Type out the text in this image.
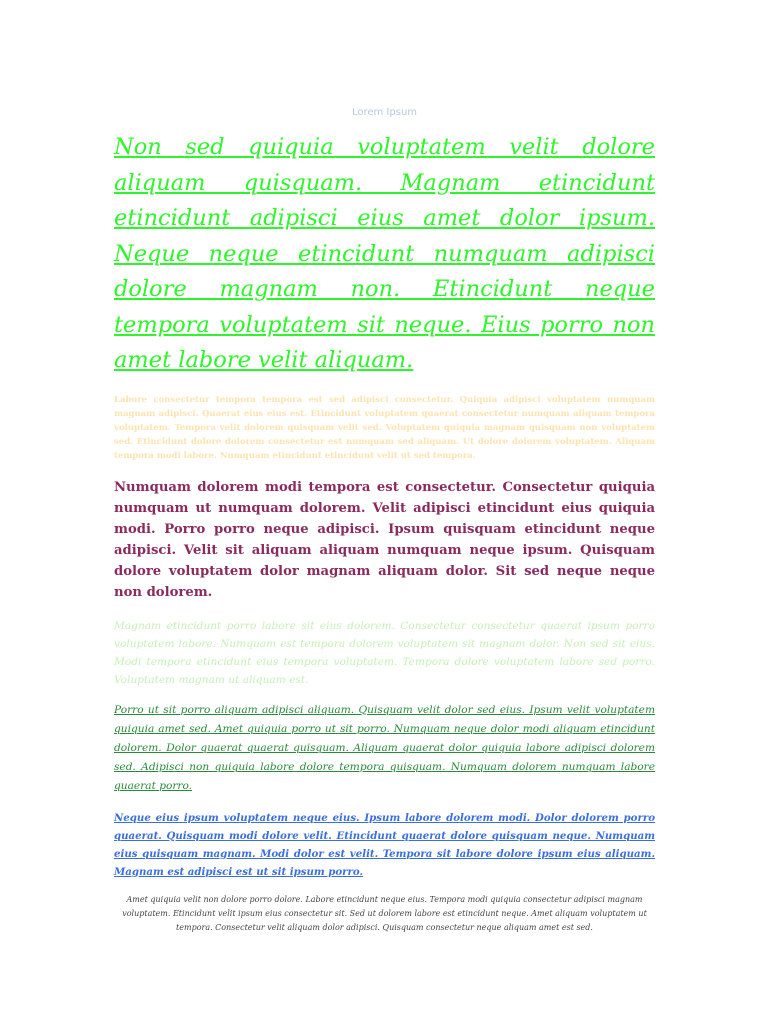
Lorem Ipsum

Non sed quiquia voluptatem velit dolore aliquam quisquam. Magnam etincidunt etincidunt adipisci eius amet dolor ipsum. Neque neque etincidunt numquam adipisci dolore magnam non. Etincidunt neque tempora voluptatem sit neque. Eius porro non amet labore velit aliquam.

Labore consectetur tempora tempora est sed adipisci consectetur. Quiquia adipisci voluptatem numquam magnam adipisci. Quaerat eius eius est. Etincidunt voluptatem quaerat consectetur numquam aliquam tempora voluptatem. Tempora velit dolorem quisquam velit sed. Voluptatem quiquia magnam quisquam non voluptatem sed. Etincidunt dolore dolorem consectetur est numquam sed aliquam. Ut dolore dolorem voluptatem. Aliquam tempora modi labore. Numquam etincidunt etincidunt velit ut sed tempora.

Numquam dolorem modi tempora est consectetur. Consectetur quiquia numquam ut numquam dolorem. Velit adipisci etincidunt eius quiquia modi. Porro porro neque adipisci. Ipsum quisquam etincidunt neque adipisci. Velit sit aliquam aliquam numquam neque ipsum. Quisquam dolore voluptatem dolor magnam aliquam dolor. Sit sed neque neque non dolorem.

Magnam etincidunt porro labore sit eius dolorem. Consectetur consectetur quaerat ipsum porro voluptatem labore. Numquam est tempora dolorem voluptatem sit magnam dolor. Non sed sit eius. Modi tempora etincidunt eius tempora voluptatem. Tempora dolore voluptatem labore sed porro. Voluptatem magnam ut aliquam est.

Porro ut sit porro aliquam adipisci aliquam. Quisquam velit dolor sed eius. Ipsum velit voluptatem quiquia amet sed. Amet quiquia porro ut sit porro. Numquam neque dolor modi aliquam etincidunt dolorem. Dolor quaerat quaerat quisquam. Aliquam quaerat dolor quiquia labore adipisci dolorem sed. Adipisci non quiquia labore dolore tempora quisquam. Numquam dolorem numquam labore quaerat porro.

Neque eius ipsum voluptatem neque eius. Ipsum labore dolorem modi. Dolor dolorem porro quaerat. Quisquam modi dolore velit. Etincidunt quaerat dolore quisquam neque. Numquam eius quisquam magnam. Modi dolor est velit. Tempora sit labore dolore ipsum eius aliquam. Magnam est adipisci est ut sit ipsum porro.

Amet quiquia velit non dolore porro dolore. Labore etincidunt neque eius. Tempora modi quiquia consectetur adipisci magnam voluptatem. Etincidunt velit ipsum eius consectetur sit. Sed ut dolorem labore est etincidunt neque. Amet aliquam voluptatem ut tempora. Consectetur velit aliquam dolor adipisci. Quisquam consectetur neque aliquam amet est sed.
